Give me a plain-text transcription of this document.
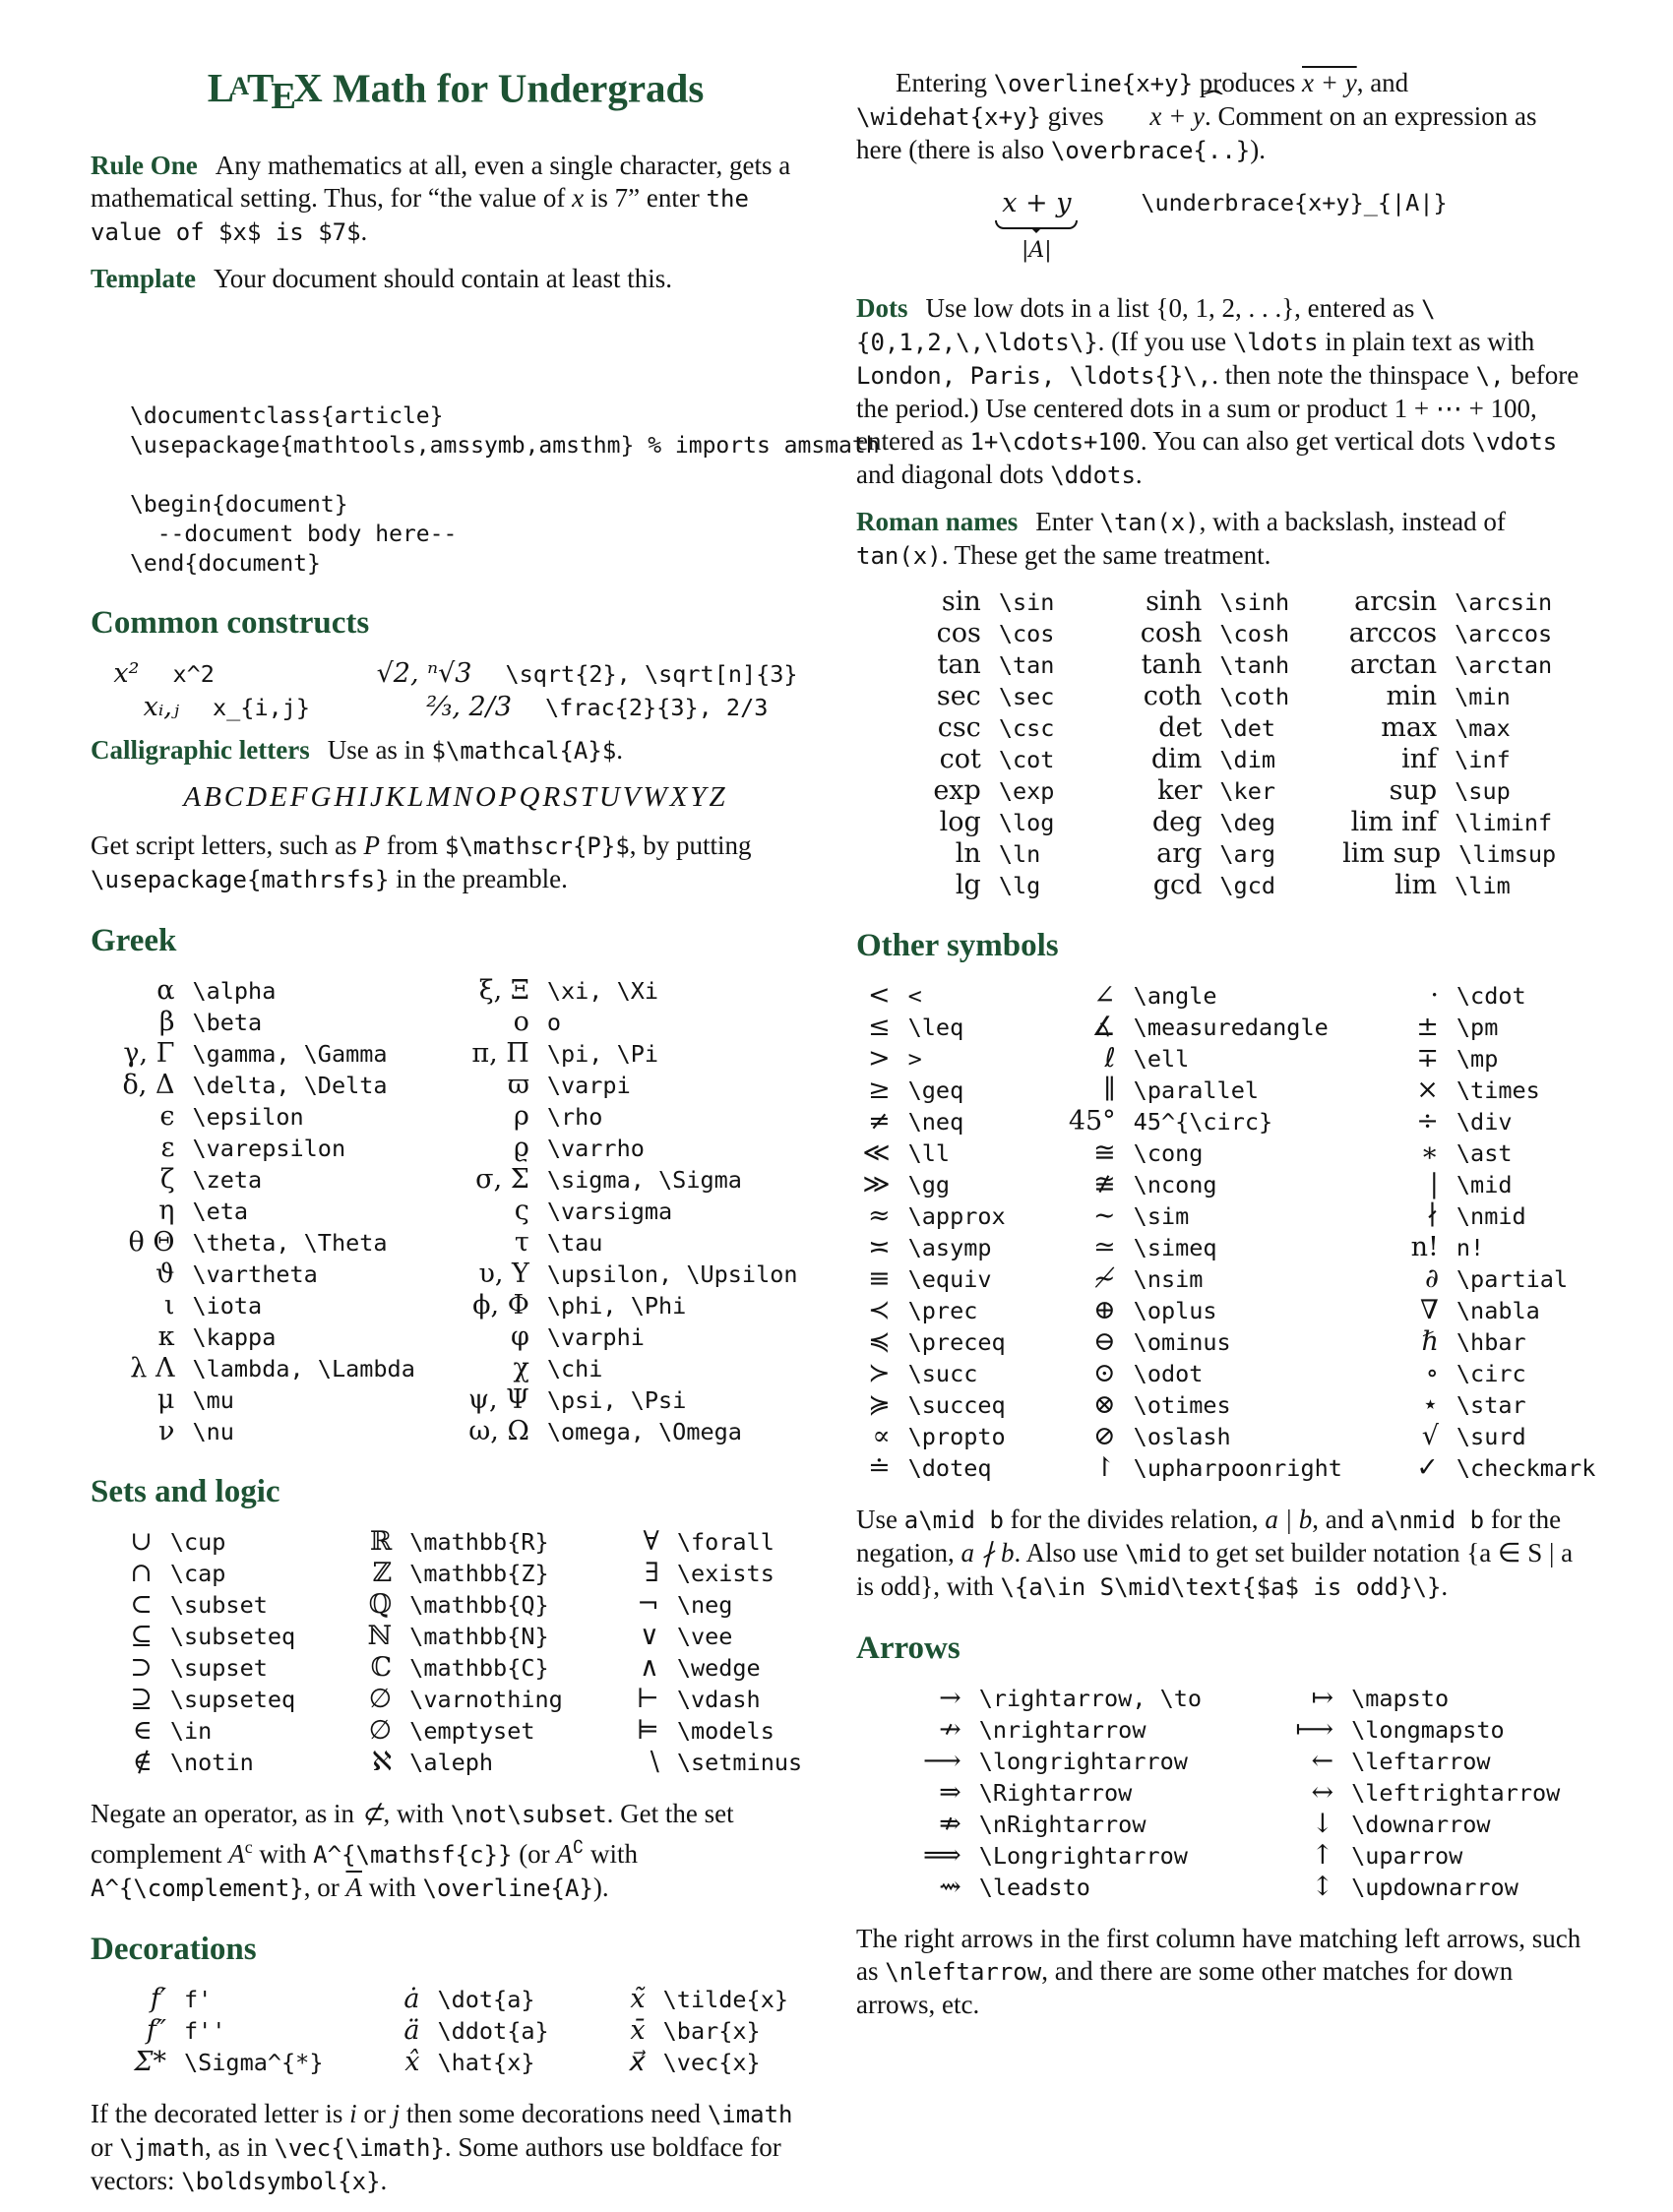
LATEX Math for Undergrads

Rule One Any mathematics at all, even a single character, gets a mathematical setting. Thus, for “the value of x is 7” enter the value of $x$ is $7$.

Template Your document should contain at least this.

\documentclass{article}
\usepackage{mathtools,amssymb,amsthm} % imports amsmath
\begin{document}
--document body here--
\end{document}
Common constructs
x² x^2	√2, ⁿ√3 \sqrt{2}, \sqrt[n]{3}
xᵢ,ⱼ x_{i,j}	⅔, 2/3 \frac{2}{3}, 2/3

Calligraphic letters Use as in $\mathcal{A}$.

ABCDEFGHIJKLMNOPQRSTUVWXYZ

Get script letters, such as P from $\mathscr{P}$, by putting \usepackage{mathrsfs} in the preamble.

Greek
α \alpha
β \beta
γ, Γ \gamma, \Gamma
δ, Δ \delta, \Delta
ϵ \epsilon
ε \varepsilon
ζ \zeta
η \eta
θ Θ \theta, \Theta
ϑ \vartheta
ι \iota
κ \kappa
λ Λ \lambda, \Lambda
μ \mu
ν \nu
ξ, Ξ \xi, \Xi
o o
π, Π \pi, \Pi
ϖ \varpi
ρ \rho
ϱ \varrho
σ, Σ \sigma, \Sigma
ς \varsigma
τ \tau
υ, Υ \upsilon, \Upsilon
ϕ, Φ \phi, \Phi
φ \varphi
χ \chi
ψ, Ψ \psi, \Psi
ω, Ω \omega, \Omega
Sets and logic
∪ \cup
∩ \cap
⊂ \subset
⊆ \subseteq
⊃ \supset
⊇ \supseteq
∈ \in
∉ \notin
ℝ \mathbb{R}
ℤ \mathbb{Z}
ℚ \mathbb{Q}
ℕ \mathbb{N}
ℂ \mathbb{C}
∅ \varnothing
∅ \emptyset
ℵ \aleph
∀ \forall
∃ \exists
¬ \neg
∨ \vee
∧ \wedge
⊢ \vdash
⊨ \models
\ \setminus

Negate an operator, as in ⊄, with \not\subset. Get the set complement $A^c$ with A^{\mathsf{c}} (or A∁ with A^{\complement}, or $\overline{A}$ with \overline{A}).

Decorations
f′ f'
f″ f''
Σ* \Sigma^{*}
ȧ \dot{a}
ä \ddot{a}
x̂ \hat{x}
x̃ \tilde{x}
x̄ \bar{x}
x⃗ \vec{x}

If the decorated letter is i or j then some decorations need \imath or \jmath, as in \vec{\imath}. Some authors use boldface for vectors: \boldsymbol{x}.

Entering \overline{x+y} produces x + y, and \widehat{x+y} gives x + y ˆ. Comment on an expression as here (there is also \overbrace{..}).

x + y
|A|
\underbrace{x+y}_{|A|}

Dots Use low dots in a list {0, 1, 2, . . .}, entered as \{0,1,2,\,\ldots\}. (If you use \ldots in plain text as with London, Paris, \ldots{}\,. then note the thinspace \, before the period.) Use centered dots in a sum or product 1 + ⋯ + 100, entered as 1+\cdots+100. You can also get vertical dots \vdots and diagonal dots \ddots.

Roman names Enter \tan(x), with a backslash, instead of tan(x). These get the same treatment.

sin \sin
cos \cos
tan \tan
sec \sec
csc \csc
cot \cot
exp \exp
log \log
ln \ln
lg \lg
sinh \sinh
cosh \cosh
tanh \tanh
coth \coth
det \det
dim \dim
ker \ker
deg \deg
arg \arg
gcd \gcd
arcsin \arcsin
arccos \arccos
arctan \arctan
min \min
max \max
inf \inf
sup \sup
lim inf \liminf
lim sup \limsup
lim \lim
Other symbols
< <
≤ \leq
> >
≥ \geq
≠ \neq
≪ \ll
≫ \gg
≈ \approx
≍ \asymp
≡ \equiv
≺ \prec
≼ \preceq
≻ \succ
≽ \succeq
∝ \propto
≐ \doteq
∠ \angle
∡ \measuredangle
ℓ \ell
∥ \parallel
45° 45^{\circ}
≅ \cong
≇ \ncong
∼ \sim
≃ \simeq
≁ \nsim
⊕ \oplus
⊖ \ominus
⊙ \odot
⊗ \otimes
⊘ \oslash
↾ \upharpoonright
· \cdot
± \pm
∓ \mp
× \times
÷ \div
∗ \ast
| \mid
∤ \nmid
n! n!
∂ \partial
∇ \nabla
ℏ \hbar
∘ \circ
⋆ \star
√ \surd
✓ \checkmark

Use a\mid b for the divides relation, a | b, and a\nmid b for the negation, a ∤ b. Also use \mid to get set builder notation {a ∈ S | a is odd}, with \{a\in S\mid\text{$a$ is odd}\}.

Arrows
→ \rightarrow, \to
↛ \nrightarrow
⟶ \longrightarrow
⇒ \Rightarrow
⇏ \nRightarrow
⟹ \Longrightarrow
⇝ \leadsto
↦ \mapsto
⟼ \longmapsto
← \leftarrow
↔ \leftrightarrow
↓ \downarrow
↑ \uparrow
↕ \updownarrow

The right arrows in the first column have matching left arrows, such as \nleftarrow, and there are some other matches for down arrows, etc.
